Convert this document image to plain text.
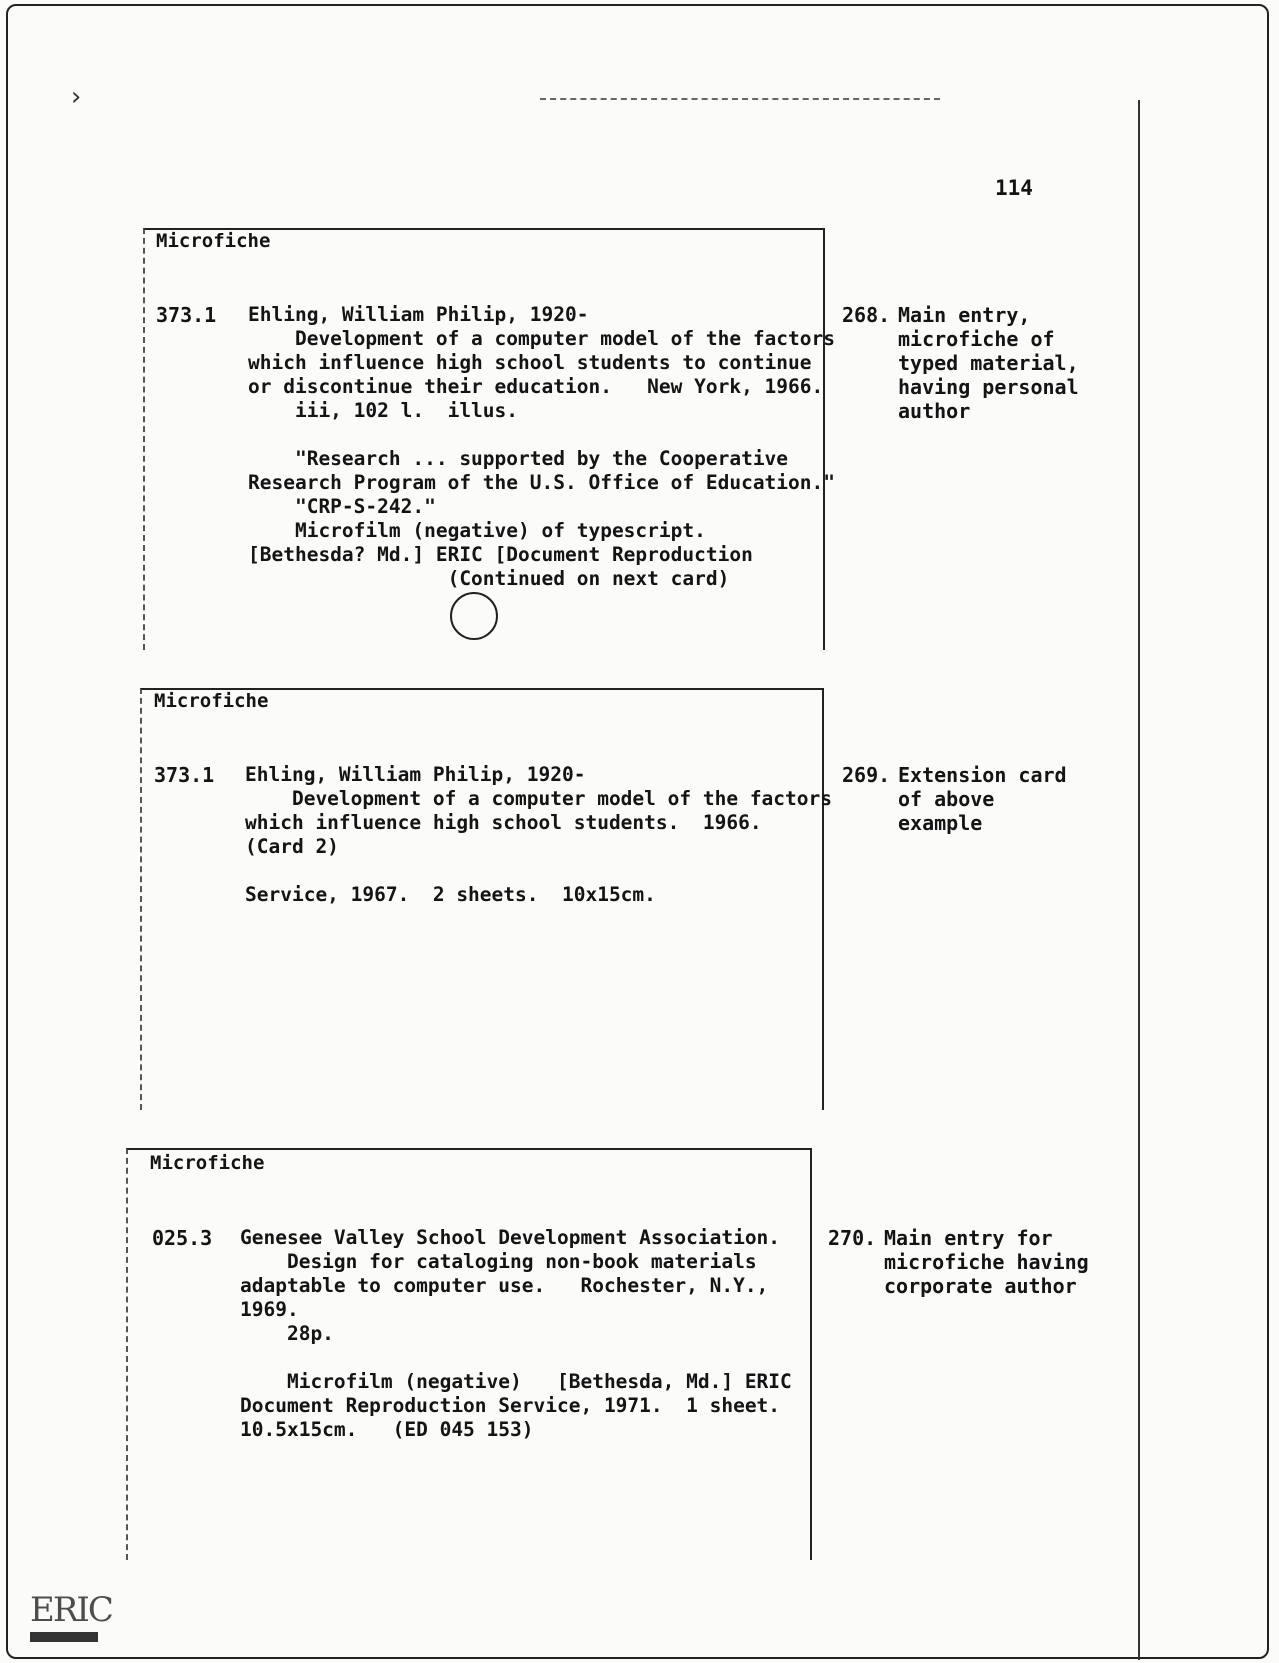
›
114
Microfiche
373.1 Ehling, William Philip, 1920-
Development of a computer model of the factors
which influence high school students to continue
or discontinue their education.   New York, 1966.
iii, 102 l.  illus.
"Research ... supported by the Cooperative
Research Program of the U.S. Office of Education."
"CRP-S-242."
Microfilm (negative) of typescript.
[Bethesda? Md.] ERIC [Document Reproduction
(Continued on next card)
268. Main entry,
microfiche of
typed material,
having personal
author
Microfiche
373.1 Ehling, William Philip, 1920-
Development of a computer model of the factors
which influence high school students.  1966.
(Card 2)
Service, 1967.  2 sheets.  10x15cm.
269. Extension card
of above
example
Microfiche
025.3 Genesee Valley School Development Association.
Design for cataloging non-book materials
adaptable to computer use.   Rochester, N.Y.,
1969.
28p.
Microfilm (negative)   [Bethesda, Md.] ERIC
Document Reproduction Service, 1971.  1 sheet.
10.5x15cm.   (ED 045 153)
270. Main entry for
microfiche having
corporate author
ERIC
